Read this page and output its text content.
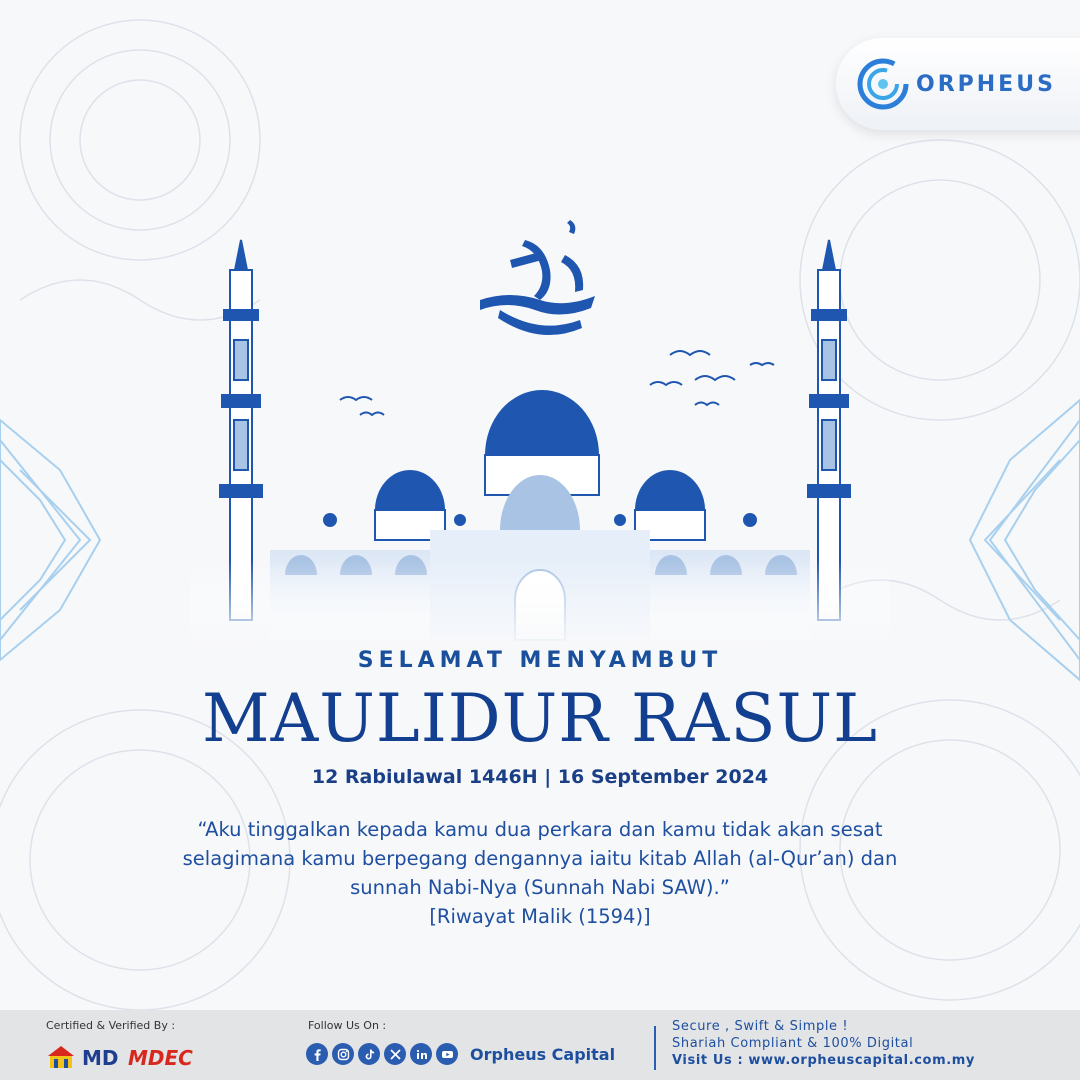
ORPHEUS
SELAMAT MENYAMBUT
MAULIDUR RASUL
12 Rabiulawal 1446H | 16 September 2024
“Aku tinggalkan kepada kamu dua perkara dan kamu tidak akan sesat
selagimana kamu berpegang dengannya iaitu kitab Allah (al-Qur’an) dan
sunnah Nabi-Nya (Sunnah Nabi SAW).”
[Riwayat Malik (1594)]
Certified & Verified By :
MD MDEC
Follow Us On :
Orpheus Capital
Secure , Swift & Simple !
Shariah Compliant & 100% Digital
Visit Us : www.orpheuscapital.com.my
